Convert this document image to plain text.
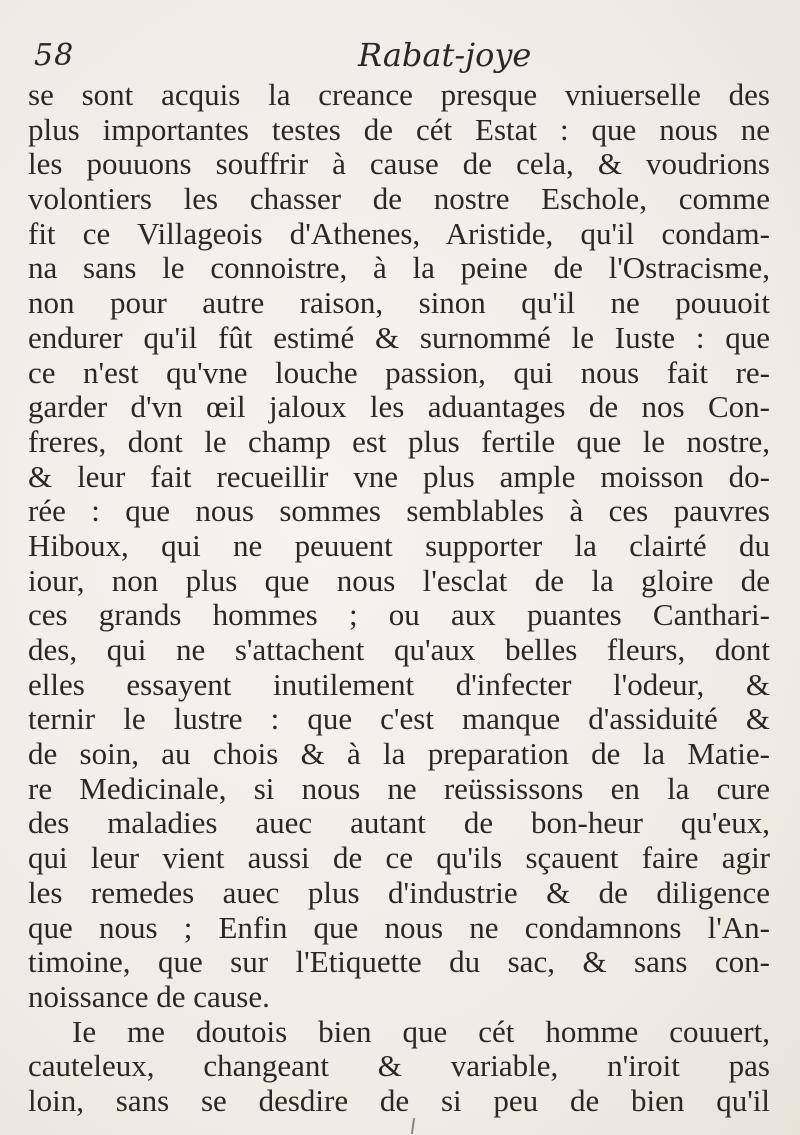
58	Rabat-joye
se sont acquis la creance presque vniuerselle des
plus importantes testes de cét Estat : que nous ne
les pouuons souffrir à cause de cela, & voudrions
volontiers les chasser de nostre Eschole, comme
fit ce Villageois d'Athenes, Aristide, qu'il condam-
na sans le connoistre, à la peine de l'Ostracisme,
non pour autre raison, sinon qu'il ne pouuoit
endurer qu'il fût estimé & surnommé le Iuste : que
ce n'est qu'vne louche passion, qui nous fait re-
garder d'vn œil jaloux les aduantages de nos Con-
freres, dont le champ est plus fertile que le nostre,
& leur fait recueillir vne plus ample moisson do-
rée : que nous sommes semblables à ces pauvres
Hiboux, qui ne peuuent supporter la clairté du
iour, non plus que nous l'esclat de la gloire de
ces grands hommes ; ou aux puantes Canthari-
des, qui ne s'attachent qu'aux belles fleurs, dont
elles essayent inutilement d'infecter l'odeur, &
ternir le lustre : que c'est manque d'assiduité &
de soin, au chois & à la preparation de la Matie-
re Medicinale, si nous ne reüssissons en la cure
des maladies auec autant de bon-heur qu'eux,
qui leur vient aussi de ce qu'ils sçauent faire agir
les remedes auec plus d'industrie & de diligence
que nous ; Enfin que nous ne condamnons l'An-
timoine, que sur l'Etiquette du sac, & sans con-
noissance de cause.
Ie me doutois bien que cét homme couuert,
cauteleux, changeant & variable, n'iroit pas
loin, sans se desdire de si peu de bien qu'il
